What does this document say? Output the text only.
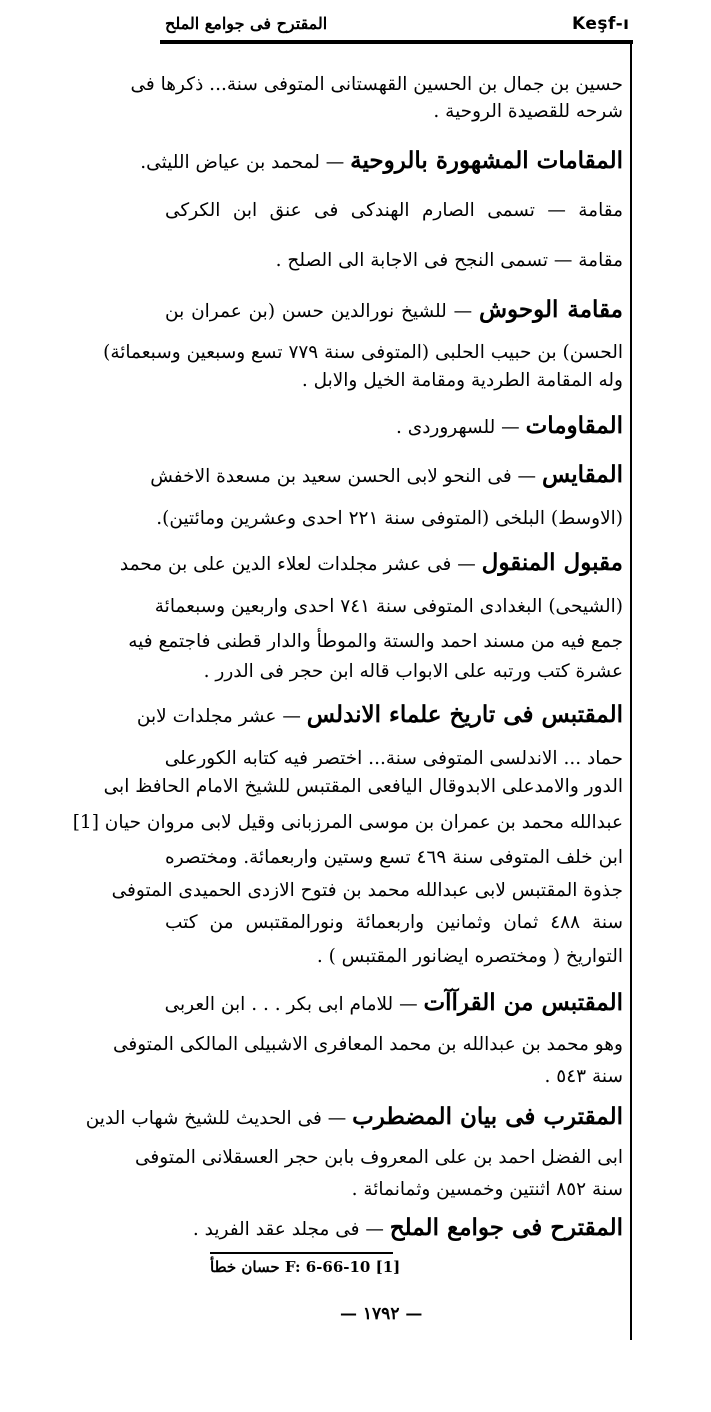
المقترح فى جوامع الملح	Keşf-ı
حسين بن جمال بن الحسين القهستانى المتوفى سنة... ذكرها فى
شرحه للقصيدة الروحية .
المقامات المشهورة بالروحية — لمحمد بن عياض الليثى.
مقامة — تسمى الصارم الهندكى فى عنق ابن الكركى
مقامة — تسمى النجح فى الاجابة الى الصلح .
مقامة الوحوش — للشيخ نورالدين حسن (بن عمران بن
الحسن) بن حبيب الحلبى (المتوفى سنة ٧٧٩ تسع وسبعين وسبعمائة)
وله المقامة الطردية ومقامة الخيل والابل .
المقاومات — للسهروردى .
المقايس — فى النحو لابى الحسن سعيد بن مسعدة الاخفش
(الاوسط) البلخى (المتوفى سنة ٢٢١ احدى وعشرين ومائتين).
مقبول المنقول — فى عشر مجلدات لعلاء الدين على بن محمد
(الشيحى) البغدادى المتوفى سنة ٧٤١ احدى واربعين وسبعمائة
جمع فيه من مسند احمد والستة والموطأ والدار قطنى فاجتمع فيه
عشرة كتب ورتبه على الابواب قاله ابن حجر فى الدرر .
المقتبس فى تاريخ علماء الاندلس — عشر مجلدات لابن
حماد ... الاندلسى المتوفى سنة... اختصر فيه كتابه الكورعلى
الدور والامدعلى الابدوقال اليافعى المقتبس للشيخ الامام الحافظ ابى
عبدالله محمد بن عمران بن موسى المرزبانى وقيل لابى مروان حيان [1]
ابن خلف المتوفى سنة ٤٦٩ تسع وستين واربعمائة. ومختصره
جذوة المقتبس لابى عبدالله محمد بن فتوح الازدى الحميدى المتوفى
سنة ٤٨٨ ثمان وثمانين واربعمائة ونورالمقتبس من كتب
التواريخ ( ومختصره ايضانور المقتبس ) .
المقتبس من القرآآت — للامام ابى بكر . . . ابن العربى
وهو محمد بن عبدالله بن محمد المعافرى الاشبيلى المالكى المتوفى
سنة ٥٤٣ .
المقترب فى بيان المضطرب — فى الحديث للشيخ شهاب الدين
ابى الفضل احمد بن على المعروف بابن حجر العسقلانى المتوفى
سنة ٨٥٢ اثنتين وخمسين وثمانمائة .
المقترح فى جوامع الملح — فى مجلد عقد الفريد .
[1] F: 6-66-10 حسان خطأ
— ١٧٩٢ —
